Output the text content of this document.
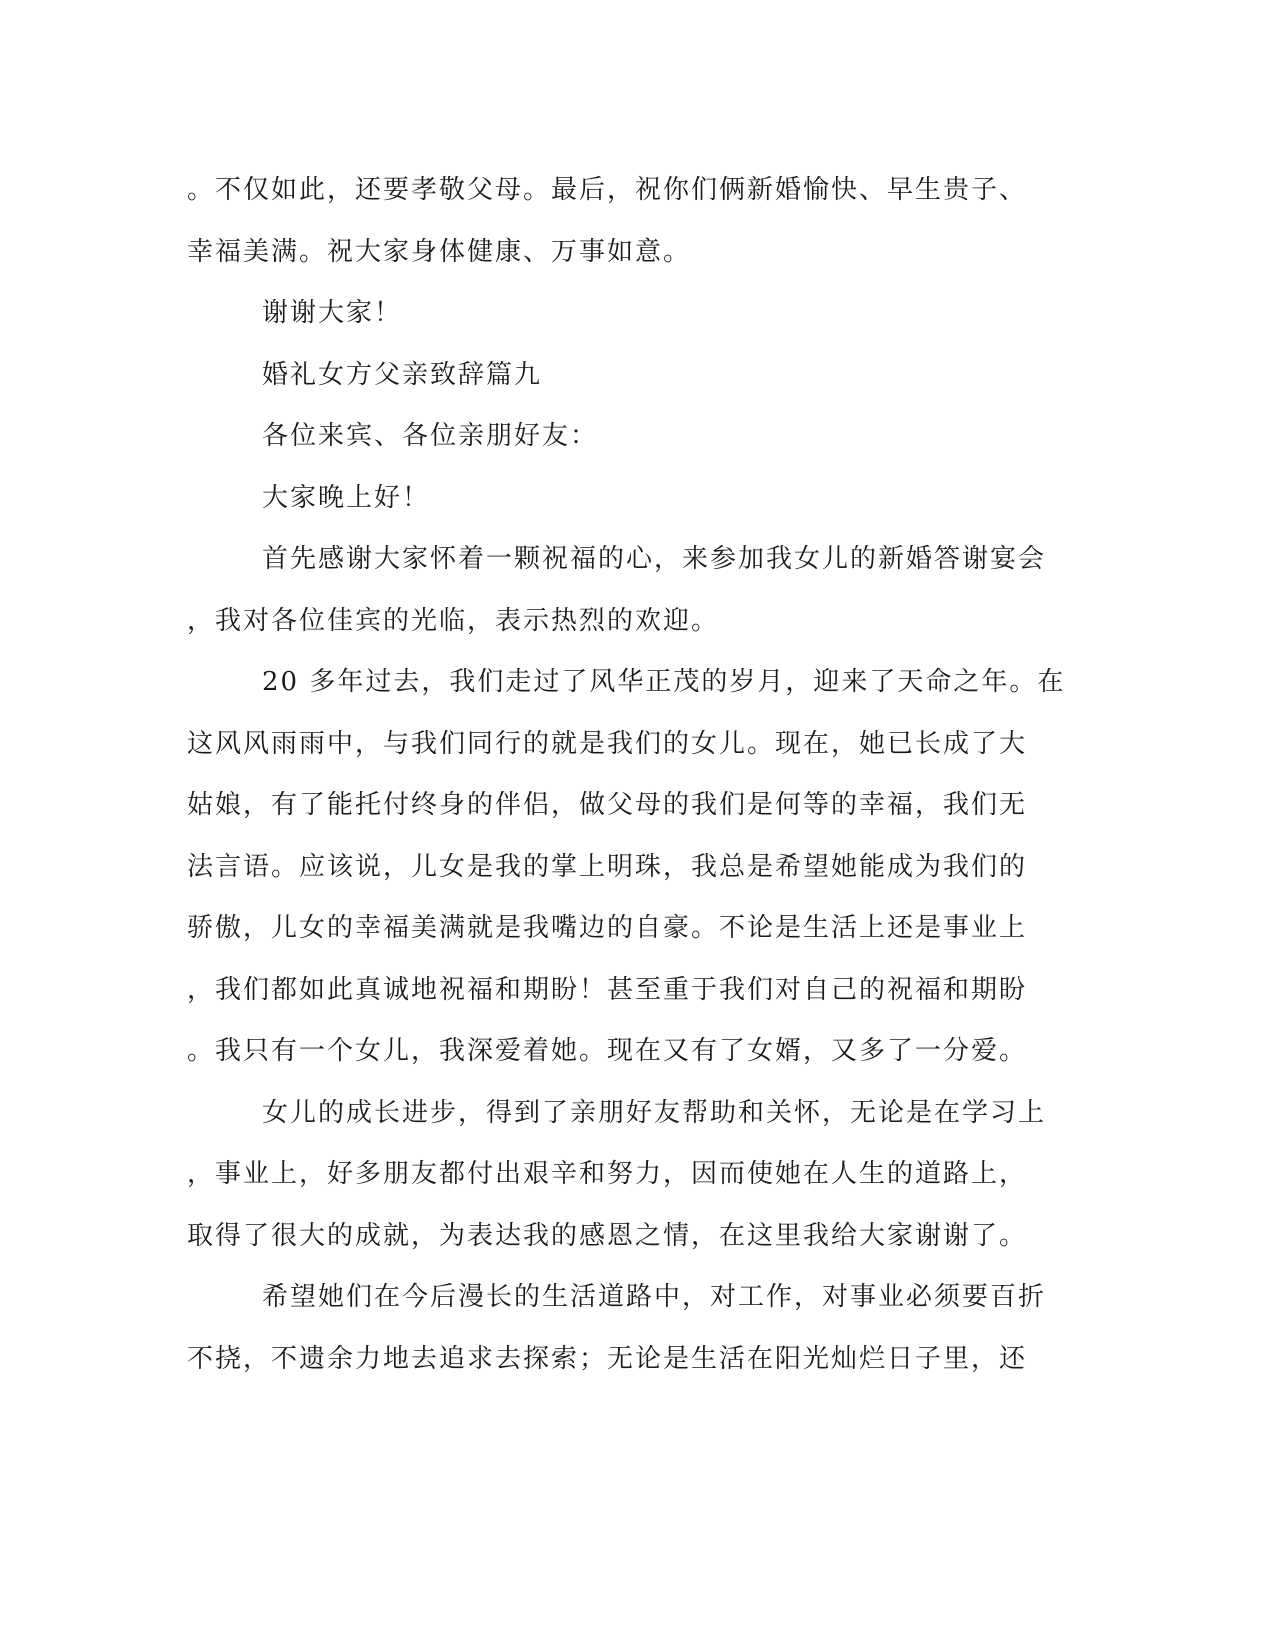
。不仅如此，还要孝敬父母。最后，祝你们俩新婚愉快、早生贵子、
幸福美满。祝大家身体健康、万事如意。
谢谢大家！
婚礼女方父亲致辞篇九
各位来宾、各位亲朋好友：
大家晚上好！
首先感谢大家怀着一颗祝福的心，来参加我女儿的新婚答谢宴会
，我对各位佳宾的光临，表示热烈的欢迎。
20 多年过去，我们走过了风华正茂的岁月，迎来了天命之年。在
这风风雨雨中，与我们同行的就是我们的女儿。现在，她已长成了大
姑娘，有了能托付终身的伴侣，做父母的我们是何等的幸福，我们无
法言语。应该说，儿女是我的掌上明珠，我总是希望她能成为我们的
骄傲，儿女的幸福美满就是我嘴边的自豪。不论是生活上还是事业上
，我们都如此真诚地祝福和期盼！甚至重于我们对自己的祝福和期盼
。我只有一个女儿，我深爱着她。现在又有了女婿，又多了一分爱。
女儿的成长进步，得到了亲朋好友帮助和关怀，无论是在学习上
，事业上，好多朋友都付出艰辛和努力，因而使她在人生的道路上，
取得了很大的成就，为表达我的感恩之情，在这里我给大家谢谢了。
希望她们在今后漫长的生活道路中，对工作，对事业必须要百折
不挠，不遗余力地去追求去探索；无论是生活在阳光灿烂日子里，还
